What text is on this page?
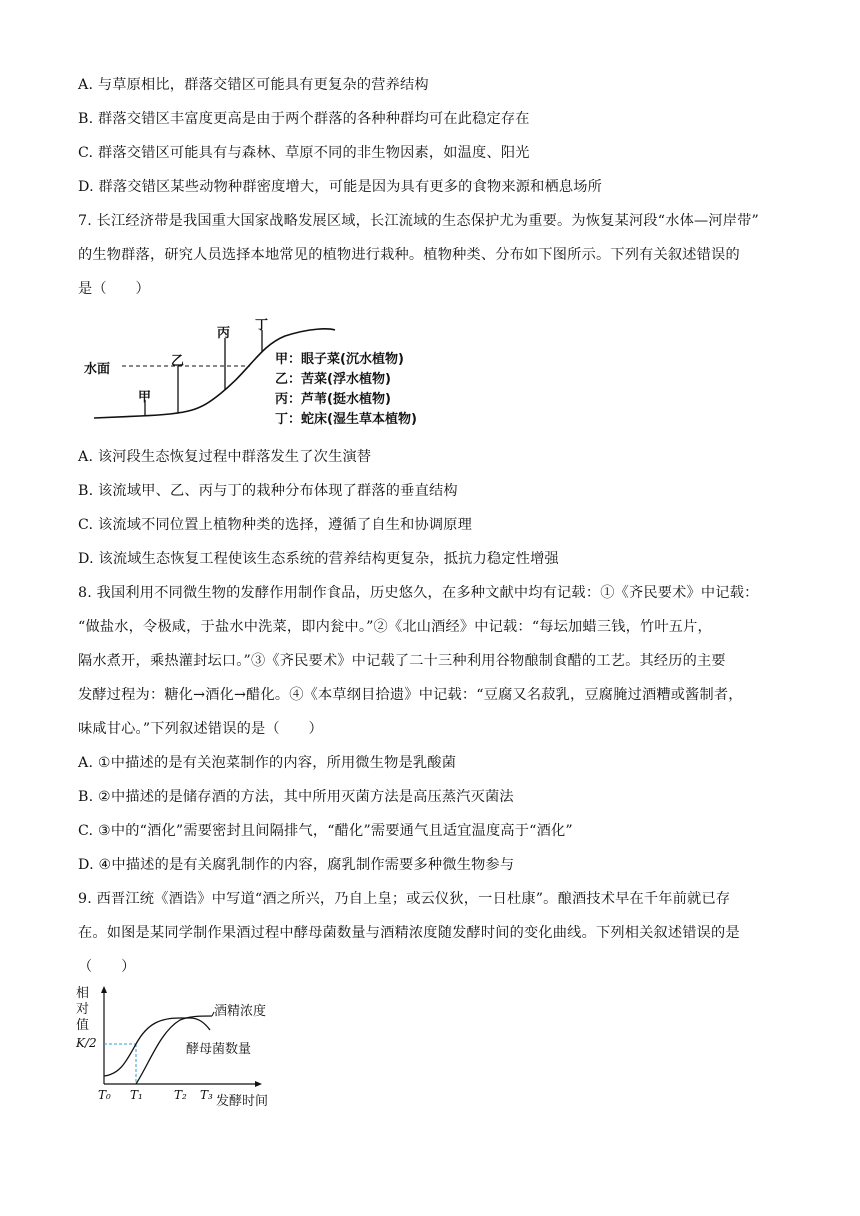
A. 与草原相比，群落交错区可能具有更复杂的营养结构
B. 群落交错区丰富度更高是由于两个群落的各种种群均可在此稳定存在
C. 群落交错区可能具有与森林、草原不同的非生物因素，如温度、阳光
D. 群落交错区某些动物种群密度增大，可能是因为具有更多的食物来源和栖息场所
7. 长江经济带是我国重大国家战略发展区域，长江流域的生态保护尤为重要。为恢复某河段“水体—河岸带”
的生物群落，研究人员选择本地常见的植物进行栽种。植物种类、分布如下图所示。下列有关叙述错误的
是（　　）
水面
甲
乙
丙
丁
甲：眼子菜(沉水植物)
乙：苦菜(浮水植物)
丙：芦苇(挺水植物)
丁：蛇床(湿生草本植物)
A. 该河段生态恢复过程中群落发生了次生演替
B. 该流域甲、乙、丙与丁的栽种分布体现了群落的垂直结构
C. 该流域不同位置上植物种类的选择，遵循了自生和协调原理
D. 该流域生态恢复工程使该生态系统的营养结构更复杂，抵抗力稳定性增强
8. 我国利用不同微生物的发酵作用制作食品，历史悠久，在多种文献中均有记载：①《齐民要术》中记载：
“做盐水，令极咸，于盐水中洗菜，即内瓮中。”②《北山酒经》中记载：“每坛加蜡三钱，竹叶五片，
隔水煮开，乘热灌封坛口。”③《齐民要术》中记载了二十三种利用谷物酿制食醋的工艺。其经历的主要
发酵过程为：糖化→酒化→醋化。④《本草纲目拾遗》中记载：“豆腐又名菽乳，豆腐腌过酒糟或酱制者，
味咸甘心。”下列叙述错误的是（　　）
A. ①中描述的是有关泡菜制作的内容，所用微生物是乳酸菌
B. ②中描述的是储存酒的方法，其中所用灭菌方法是高压蒸汽灭菌法
C. ③中的“酒化”需要密封且间隔排气，“醋化”需要通气且适宜温度高于“酒化”
D. ④中描述的是有关腐乳制作的内容，腐乳制作需要多种微生物参与
9. 西晋江统《酒诰》中写道“酒之所兴，乃自上皇；或云仪狄，一日杜康”。酿酒技术早在千年前就已存
在。如图是某同学制作果酒过程中酵母菌数量与酒精浓度随发酵时间的变化曲线。下列相关叙述错误的是
（　　）
相对值
K/2
酒精浓度
酵母菌数量
T₀ T₁	T₂ T₃ 发酵时间
